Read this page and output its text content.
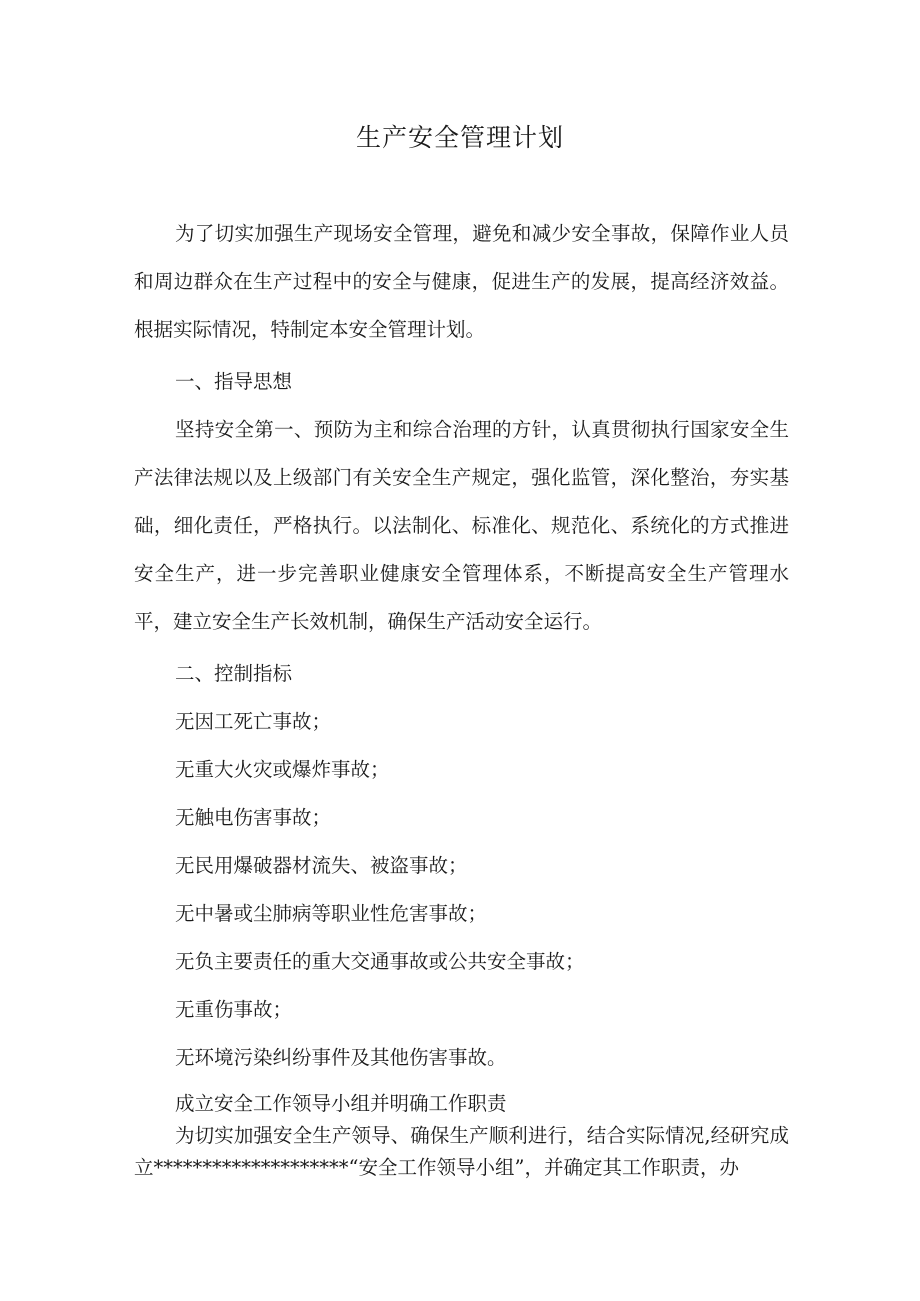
生产安全管理计划

为了切实加强生产现场安全管理，避免和减少安全事故，保障作业人员和周边群众在生产过程中的安全与健康，促进生产的发展，提高经济效益。根据实际情况，特制定本安全管理计划。

一、指导思想

坚持安全第一、预防为主和综合治理的方针，认真贯彻执行国家安全生产法律法规以及上级部门有关安全生产规定，强化监管，深化整治，夯实基础，细化责任，严格执行。以法制化、标准化、规范化、系统化的方式推进安全生产，进一步完善职业健康安全管理体系，不断提高安全生产管理水平，建立安全生产长效机制，确保生产活动安全运行。

二、控制指标

无因工死亡事故；

无重大火灾或爆炸事故；

无触电伤害事故；

无民用爆破器材流失、被盗事故；

无中暑或尘肺病等职业性危害事故；

无负主要责任的重大交通事故或公共安全事故；

无重伤事故；

无环境污染纠纷事件及其他伤害事故。

成立安全工作领导小组并明确工作职责

为切实加强安全生产领导、确保生产顺利进行，结合实际情况,经研究成立********************“安全工作领导小组”，并确定其工作职责，办
